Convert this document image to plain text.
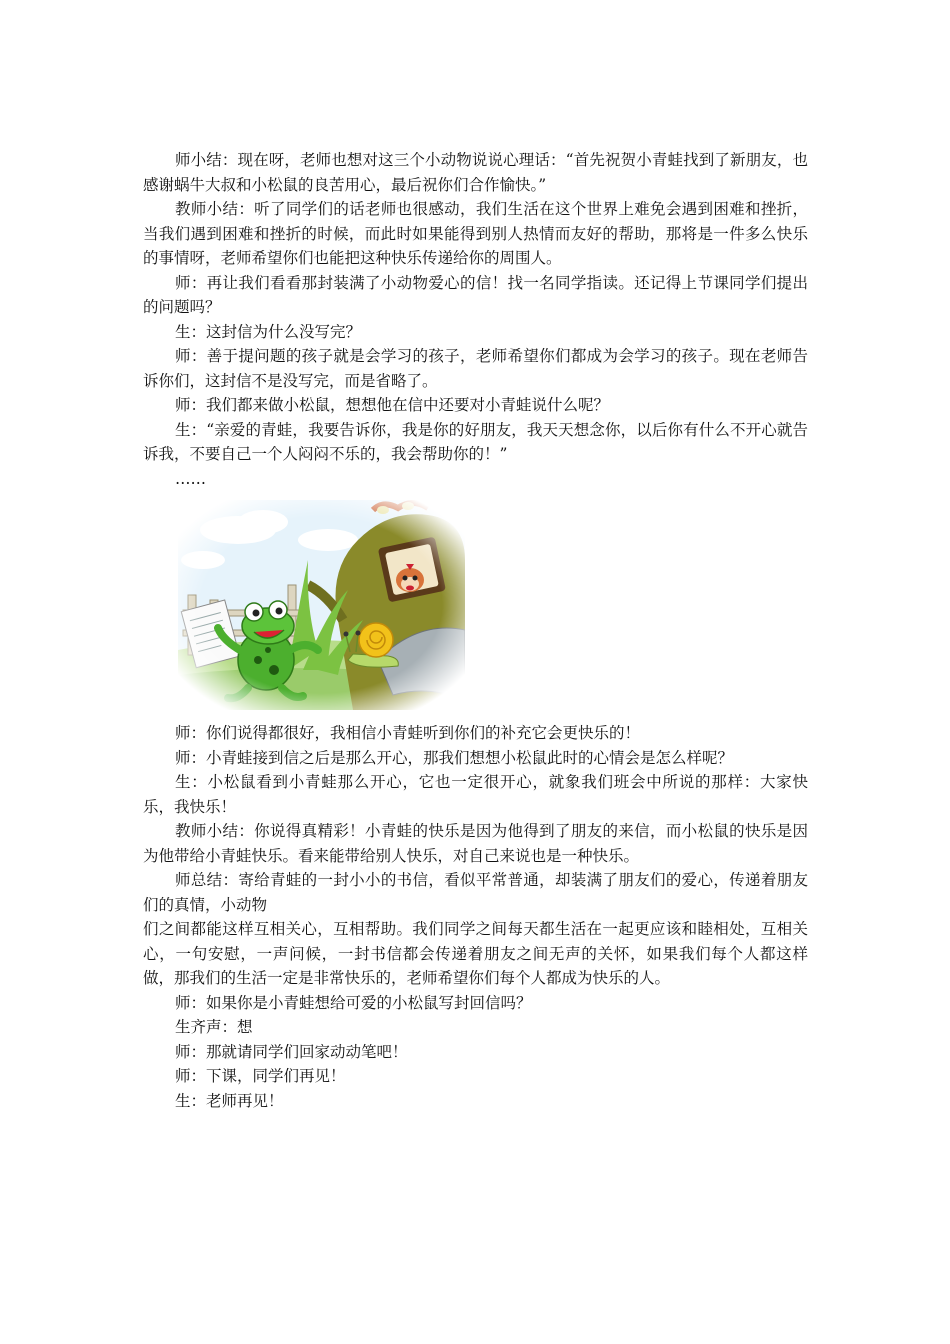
师小结：现在呀，老师也想对这三个小动物说说心理话：“首先祝贺小青蛙找到了新朋友，也感谢蜗牛大叔和小松鼠的良苦用心，最后祝你们合作愉快。”

教师小结：听了同学们的话老师也很感动，我们生活在这个世界上难免会遇到困难和挫折，当我们遇到困难和挫折的时候，而此时如果能得到别人热情而友好的帮助，那将是一件多么快乐的事情呀，老师希望你们也能把这种快乐传递给你的周围人。

师：再让我们看看那封装满了小动物爱心的信！找一名同学指读。还记得上节课同学们提出的问题吗？

生：这封信为什么没写完？

师：善于提问题的孩子就是会学习的孩子，老师希望你们都成为会学习的孩子。现在老师告诉你们，这封信不是没写完，而是省略了。

师：我们都来做小松鼠，想想他在信中还要对小青蛙说什么呢？

生：“亲爱的青蛙，我要告诉你，我是你的好朋友，我天天想念你，以后你有什么不开心就告诉我，不要自己一个人闷闷不乐的，我会帮助你的！”

……

师：你们说得都很好，我相信小青蛙听到你们的补充它会更快乐的！

师：小青蛙接到信之后是那么开心，那我们想想小松鼠此时的心情会是怎么样呢？

生：小松鼠看到小青蛙那么开心，它也一定很开心，就象我们班会中所说的那样：大家快乐，我快乐！

教师小结：你说得真精彩！小青蛙的快乐是因为他得到了朋友的来信，而小松鼠的快乐是因为他带给小青蛙快乐。看来能带给别人快乐，对自己来说也是一种快乐。

师总结：寄给青蛙的一封小小的书信，看似平常普通，却装满了朋友们的爱心，传递着朋友们的真情，小动物

们之间都能这样互相关心，互相帮助。我们同学之间每天都生活在一起更应该和睦相处，互相关心，一句安慰，一声问候，一封书信都会传递着朋友之间无声的关怀，如果我们每个人都这样做，那我们的生活一定是非常快乐的，老师希望你们每个人都成为快乐的人。

师：如果你是小青蛙想给可爱的小松鼠写封回信吗？

生齐声：想

师：那就请同学们回家动动笔吧！

师：下课，同学们再见！

生：老师再见！
